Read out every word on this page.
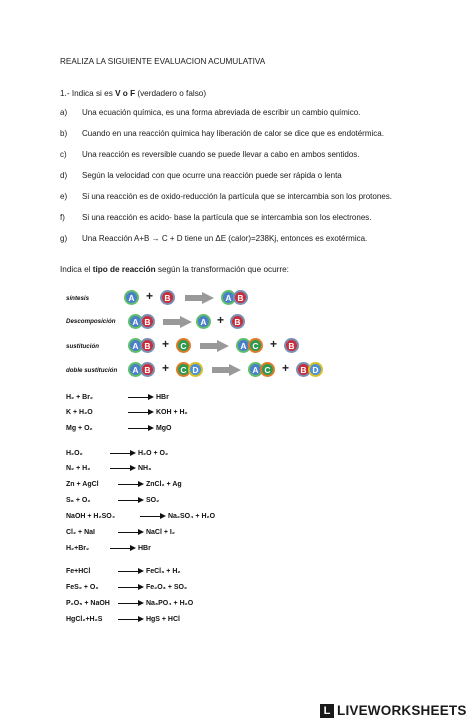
REALIZA LA SIGUIENTE EVALUACION ACUMULATIVA
1.- Indica si es V o F (verdadero o falso)
a) Una ecuación química, es una forma abreviada de escribir un cambio químico.
b) Cuando en una reacción química hay liberación de calor se dice que es endotérmica.
c) Una reacción es reversible cuando se puede llevar a cabo en ambos sentidos.
d) Según la velocidad con que ocurre una reacción puede ser rápida o lenta
e) Si una reacción es de oxido-reducción la partícula que se intercambia son los protones.
f) Si una reacción es acido- base la partícula que se intercambia son los electrones.
g) Una Reacción A+B → C + D tiene un ΔE (calor)=238Kj, entonces es exotérmica.
Indica el tipo de reacción según la transformación que ocurre:
síntesis	A +	B	A B
Descomposición	A B	A +	B
sustitución	A B +	C	A C +	B
doble sustitución	A B +	C D	A C +	B D
H₂ + Br₂	HBr
K + H₂O	KOH + H₂
Mg + O₂	MgO
H₂O₂	H₂O + O₂
N₂ + H₂	NH₃
Zn + AgCl	ZnCl₂ + Ag
S₈ + O₂	SO₂
NaOH + H₂SO₄	Na₂SO₄ + H₂O
Cl₂ + NaI	NaCl + I₂
H₂+Br₂	HBr
Fe+HCl	FeCl₃ + H₂
FeS₂ + O₂	Fe₂O₃ + SO₂
P₂O₅ + NaOH	Na₃PO₄ + H₂O
HgCl₂+H₂S	HgS + HCl
L LIVEWORKSHEETS
